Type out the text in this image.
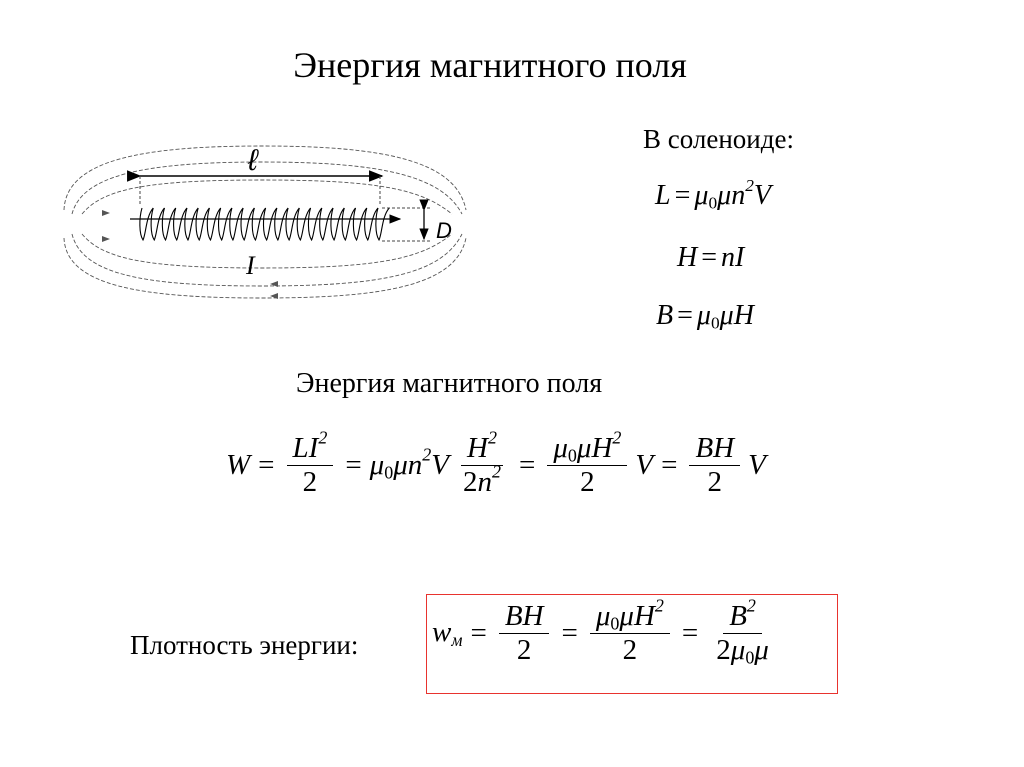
Энергия магнитного поля
ℓ
D
I
В соленоиде:
$L = \mu_0\mu n^2V$
H = nI
$B = \mu_0\mu H$
Энергия магнитного поля
$W = \frac{LI^2}{2} = \mu_0\mu n^2V \frac{H^2}{2n^2} = \frac{\mu_0\mu H^2}{2}$ $V = \frac{BH}{2}$ V
Плотность энергии:	wм = $\frac{BH}{2} = \frac{\mu_0\mu H^2}{2} = \frac{B^2}{2\mu_0\mu}$
